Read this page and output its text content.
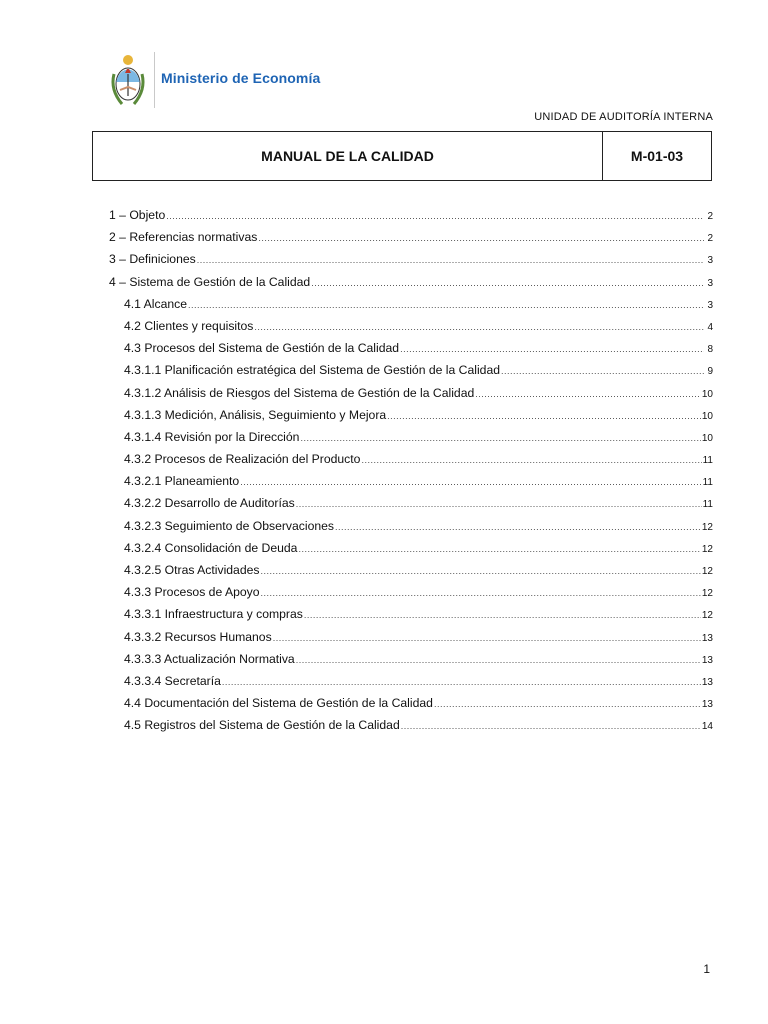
Ministerio de Economía
UNIDAD DE AUDITORÍA INTERNA
MANUAL DE LA CALIDAD	M-01-03
1 – Objeto .....	2
2 – Referencias normativas .....	2
3 – Definiciones .....	3
4 – Sistema de Gestión de la Calidad .....	3
4.1 Alcance .....	3
4.2 Clientes y requisitos .....	4
4.3 Procesos del Sistema de Gestión de la Calidad .....	8
4.3.1.1 Planificación estratégica del Sistema de Gestión de la Calidad .....	9
4.3.1.2 Análisis de Riesgos del Sistema de Gestión de la Calidad .....	10
4.3.1.3 Medición, Análisis, Seguimiento y Mejora .....	10
4.3.1.4 Revisión por la Dirección .....	10
4.3.2 Procesos de Realización del Producto .....	11
4.3.2.1 Planeamiento .....	11
4.3.2.2 Desarrollo de Auditorías .....	11
4.3.2.3 Seguimiento de Observaciones .....	12
4.3.2.4 Consolidación de Deuda .....	12
4.3.2.5 Otras Actividades .....	12
4.3.3 Procesos de Apoyo .....	12
4.3.3.1 Infraestructura y compras .....	12
4.3.3.2 Recursos Humanos .....	13
4.3.3.3 Actualización Normativa .....	13
4.3.3.4 Secretaría .....	13
4.4 Documentación del Sistema de Gestión de la Calidad .....	13
4.5 Registros del Sistema de Gestión de la Calidad .....	14
1
